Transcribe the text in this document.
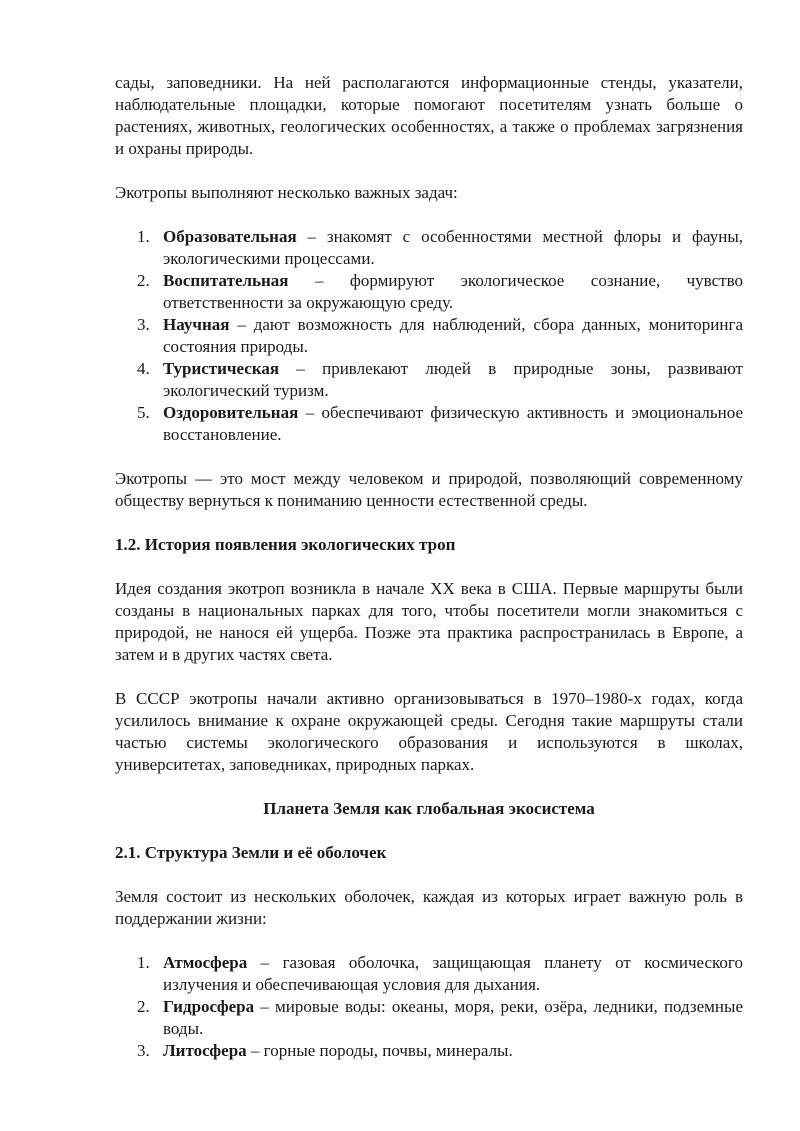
сады, заповедники. На ней располагаются информационные стенды, указатели, наблюдательные площадки, которые помогают посетителям узнать больше о растениях, животных, геологических особенностях, а также о проблемах загрязнения и охраны природы.

Экотропы выполняют несколько важных задач:

1. Образовательная – знакомят с особенностями местной флоры и фауны, экологическими процессами.
2. Воспитательная – формируют экологическое сознание, чувство ответственности за окружающую среду.
3. Научная – дают возможность для наблюдений, сбора данных, мониторинга состояния природы.
4. Туристическая – привлекают людей в природные зоны, развивают экологический туризм.
5. Оздоровительная – обеспечивают физическую активность и эмоциональное восстановление.

Экотропы — это мост между человеком и природой, позволяющий современному обществу вернуться к пониманию ценности естественной среды.

1.2. История появления экологических троп

Идея создания экотроп возникла в начале XX века в США. Первые маршруты были созданы в национальных парках для того, чтобы посетители могли знакомиться с природой, не нанося ей ущерба. Позже эта практика распространилась в Европе, а затем и в других частях света.

В СССР экотропы начали активно организовываться в 1970–1980-х годах, когда усилилось внимание к охране окружающей среды. Сегодня такие маршруты стали частью системы экологического образования и используются в школах, университетах, заповедниках, природных парках.

Планета Земля как глобальная экосистема
2.1. Структура Земли и её оболочек

Земля состоит из нескольких оболочек, каждая из которых играет важную роль в поддержании жизни:

1. Атмосфера – газовая оболочка, защищающая планету от космического излучения и обеспечивающая условия для дыхания.
2. Гидросфера – мировые воды: океаны, моря, реки, озёра, ледники, подземные воды.
3. Литосфера – горные породы, почвы, минералы.
